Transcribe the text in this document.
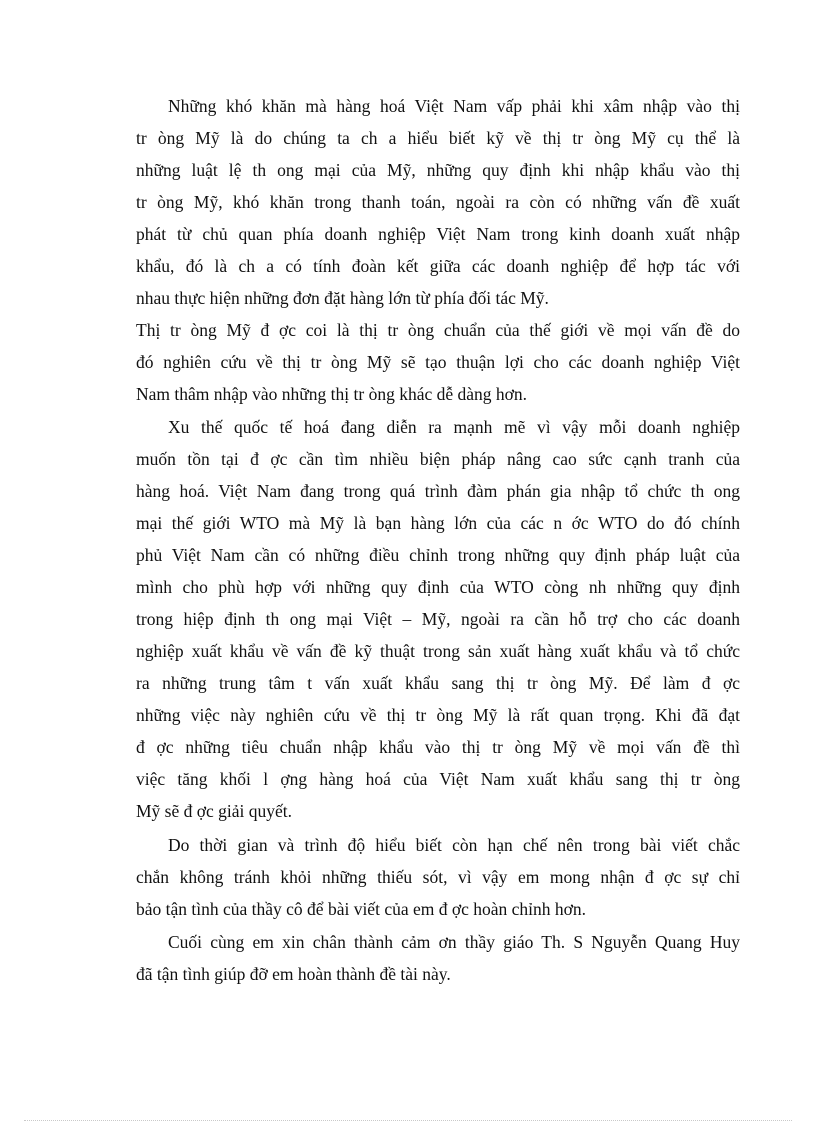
Những khó khăn mà hàng hoá Việt Nam vấp phải khi xâm nhập vào thị
tr òng Mỹ là do chúng ta ch a hiểu biết kỹ về thị tr òng Mỹ cụ thể là
những luật lệ th ong mại của Mỹ, những quy định khi nhập khẩu vào thị
tr òng Mỹ, khó khăn trong thanh toán, ngoài ra còn có những vấn đề xuất
phát từ chủ quan phía doanh nghiệp Việt Nam trong kinh doanh xuất nhập
khẩu, đó là ch a có tính đoàn kết giữa các doanh nghiệp để hợp tác với
nhau thực hiện những đơn đặt hàng lớn từ phía đối tác Mỹ.
Thị tr òng Mỹ đ ợc coi là thị tr òng chuẩn của thế giới về mọi vấn đề do
đó nghiên cứu về thị tr òng Mỹ sẽ tạo thuận lợi cho các doanh nghiệp Việt
Nam thâm nhập vào những thị tr òng khác dễ dàng hơn.
Xu thế quốc tế hoá đang diễn ra mạnh mẽ vì vậy mỗi doanh nghiệp
muốn tồn tại đ ợc cần tìm nhiều biện pháp nâng cao sức cạnh tranh của
hàng hoá. Việt Nam đang trong quá trình đàm phán gia nhập tổ chức th ong
mại thế giới WTO mà Mỹ là bạn hàng lớn của các n ớc WTO do đó chính
phủ Việt Nam cần có những điều chỉnh trong những quy định pháp luật của
mình cho phù hợp với những quy định của WTO còng nh những quy định
trong hiệp định th ong mại Việt – Mỹ, ngoài ra cần hỗ trợ cho các doanh
nghiệp xuất khẩu về vấn đề kỹ thuật trong sản xuất hàng xuất khẩu và tổ chức
ra những trung tâm t vấn xuất khẩu sang thị tr òng Mỹ. Để làm đ ợc
những việc này nghiên cứu về thị tr òng Mỹ là rất quan trọng. Khi đã đạt
đ ợc những tiêu chuẩn nhập khẩu vào thị tr òng Mỹ về mọi vấn đề thì
việc tăng khối l ợng hàng hoá của Việt Nam xuất khẩu sang thị tr òng
Mỹ sẽ đ ợc giải quyết.
Do thời gian và trình độ hiểu biết còn hạn chế nên trong bài viết chắc
chắn không tránh khỏi những thiếu sót, vì vậy em mong nhận đ ợc sự chỉ
bảo tận tình của thầy cô để bài viết của em đ ợc hoàn chỉnh hơn.
Cuối cùng em xin chân thành cảm ơn thầy giáo Th. S Nguyễn Quang Huy
đã tận tình giúp đỡ em hoàn thành đề tài này.
